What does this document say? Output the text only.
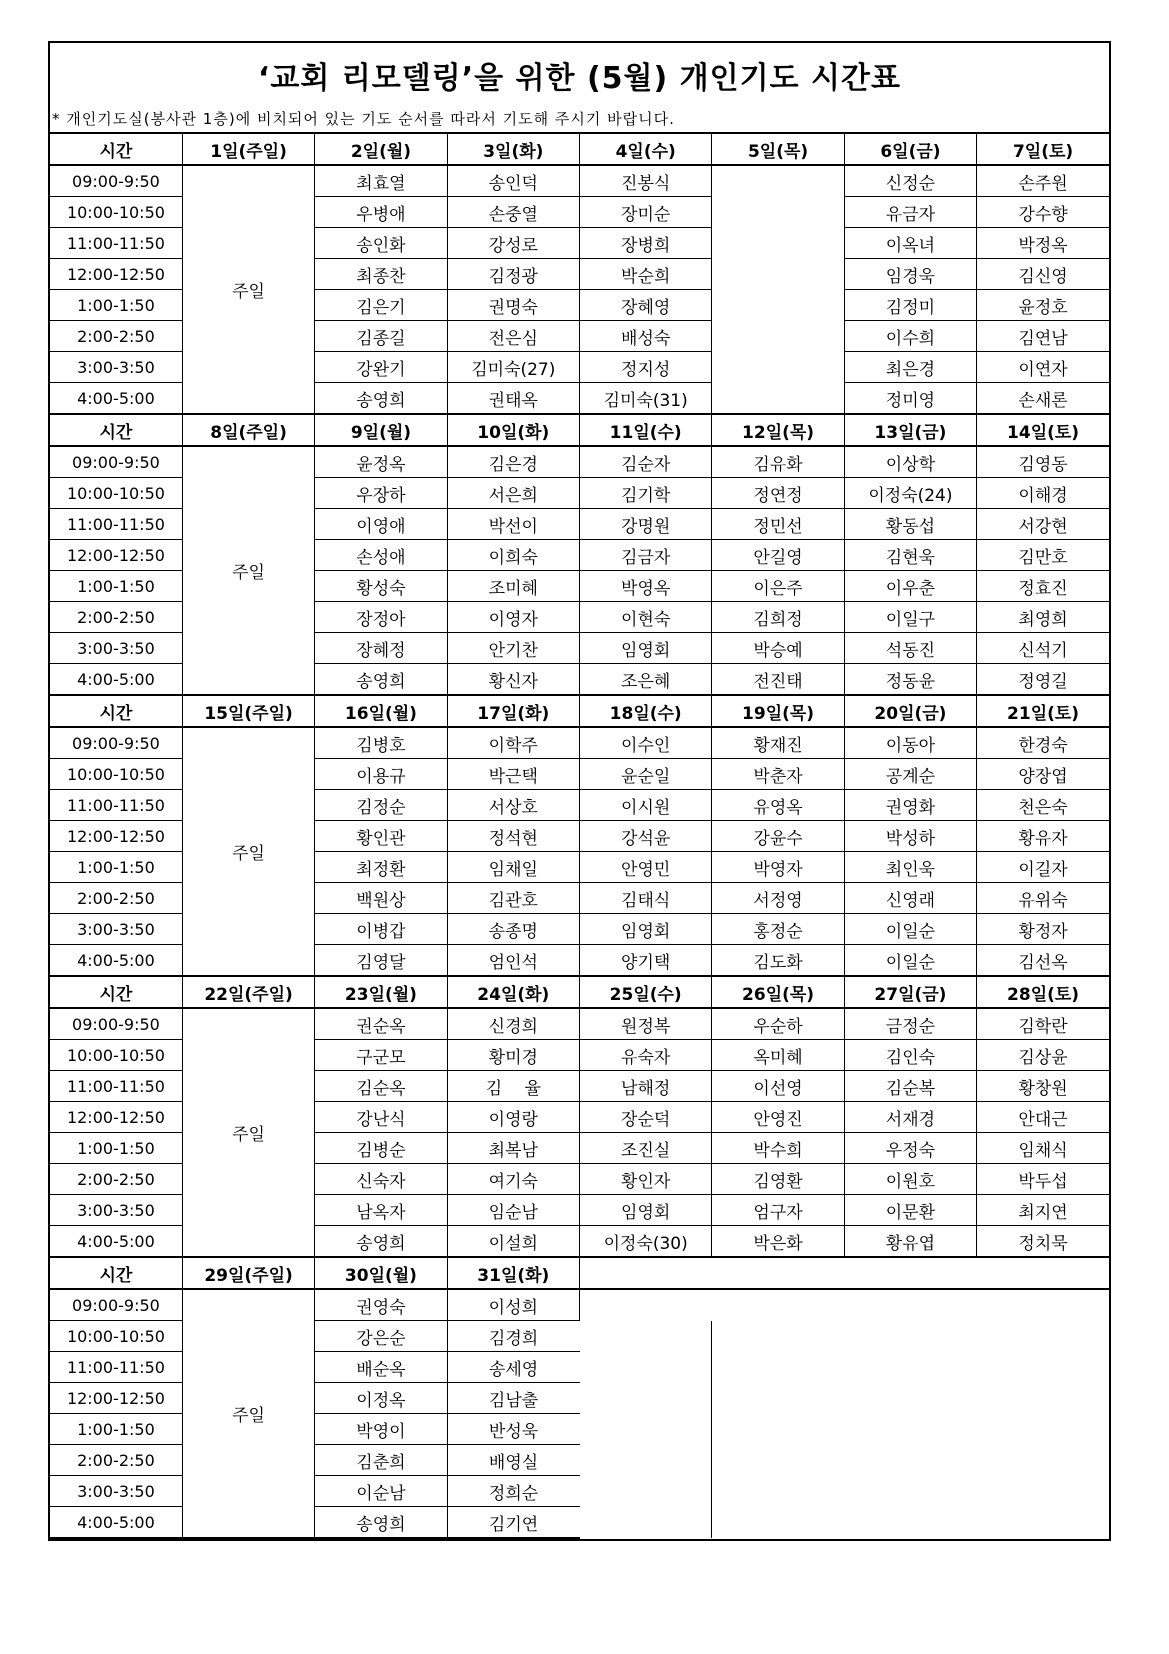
‘교회 리모델링’을 위한 (5월) 개인기도 시간표
* 개인기도실(봉사관 1층)에 비치되어 있는 기도 순서를 따라서 기도해 주시기 바랍니다.
시간	1일(주일)	2일(월)	3일(화)	4일(수)	5일(목)	6일(금)	7일(토)
09:00-9:50	주일	최효열	송인덕	진봉식		신정순	손주원
10:00-10:50		우병애	손중열	장미순		유금자	강수향
11:00-11:50		송인화	강성로	장병희		이옥녀	박정옥
12:00-12:50		최종찬	김정광	박순희		임경욱	김신영
1:00-1:50		김은기	권명숙	장혜영		김정미	윤정호
2:00-2:50		김종길	전은심	배성숙		이수희	김연남
3:00-3:50		강완기	김미숙(27)	정지성		최은경	이연자
4:00-5:00		송영희	권태옥	김미숙(31)		정미영	손새론
시간	8일(주일)	9일(월)	10일(화)	11일(수)	12일(목)	13일(금)	14일(토)
09:00-9:50	주일	윤정옥	김은경	김순자	김유화	이상학	김영동
10:00-10:50		우장하	서은희	김기학	정연정	이정숙(24)	이해경
11:00-11:50		이영애	박선이	강명원	정민선	황동섭	서강현
12:00-12:50		손성애	이희숙	김금자	안길영	김현욱	김만호
1:00-1:50		황성숙	조미혜	박영옥	이은주	이우춘	정효진
2:00-2:50		장정아	이영자	이현숙	김희정	이일구	최영희
3:00-3:50		장혜정	안기찬	임영회	박승예	석동진	신석기
4:00-5:00		송영희	황신자	조은혜	전진태	정동윤	정영길
시간	15일(주일)	16일(월)	17일(화)	18일(수)	19일(목)	20일(금)	21일(토)
09:00-9:50	주일	김병호	이학주	이수인	황재진	이동아	한경숙
10:00-10:50		이용규	박근택	윤순일	박춘자	공계순	양장엽
11:00-11:50		김정순	서상호	이시원	유영옥	권영화	천은숙
12:00-12:50		황인관	정석현	강석윤	강윤수	박성하	황유자
1:00-1:50		최정환	임채일	안영민	박영자	최인욱	이길자
2:00-2:50		백원상	김관호	김태식	서정영	신영래	유위숙
3:00-3:50		이병갑	송종명	임영회	홍정순	이일순	황정자
4:00-5:00		김영달	엄인석	양기택	김도화	이일순	김선옥
시간	22일(주일)	23일(월)	24일(화)	25일(수)	26일(목)	27일(금)	28일(토)
09:00-9:50	주일	권순옥	신경희	원정복	우순하	금정순	김학란
10:00-10:50		구군모	황미경	유숙자	옥미혜	김인숙	김상윤
11:00-11:50		김순옥	김　 율	남해정	이선영	김순복	황창원
12:00-12:50		강난식	이영랑	장순덕	안영진	서재경	안대근
1:00-1:50		김병순	최복남	조진실	박수희	우정숙	임채식
2:00-2:50		신숙자	여기숙	황인자	김영환	이원호	박두섭
3:00-3:50		남옥자	임순남	임영회	엄구자	이문환	최지연
4:00-5:00		송영희	이설희	이정숙(30)	박은화	황유엽	정치묵
시간	29일(주일)	30일(월)	31일(화)				
09:00-9:50	주일	권영숙	이성희				
10:00-10:50		강은순	김경희				
11:00-11:50		배순옥	송세영				
12:00-12:50		이정옥	김남출				
1:00-1:50		박영이	반성욱				
2:00-2:50		김춘희	배영실				
3:00-3:50		이순남	정희순				
4:00-5:00		송영희	김기연				
